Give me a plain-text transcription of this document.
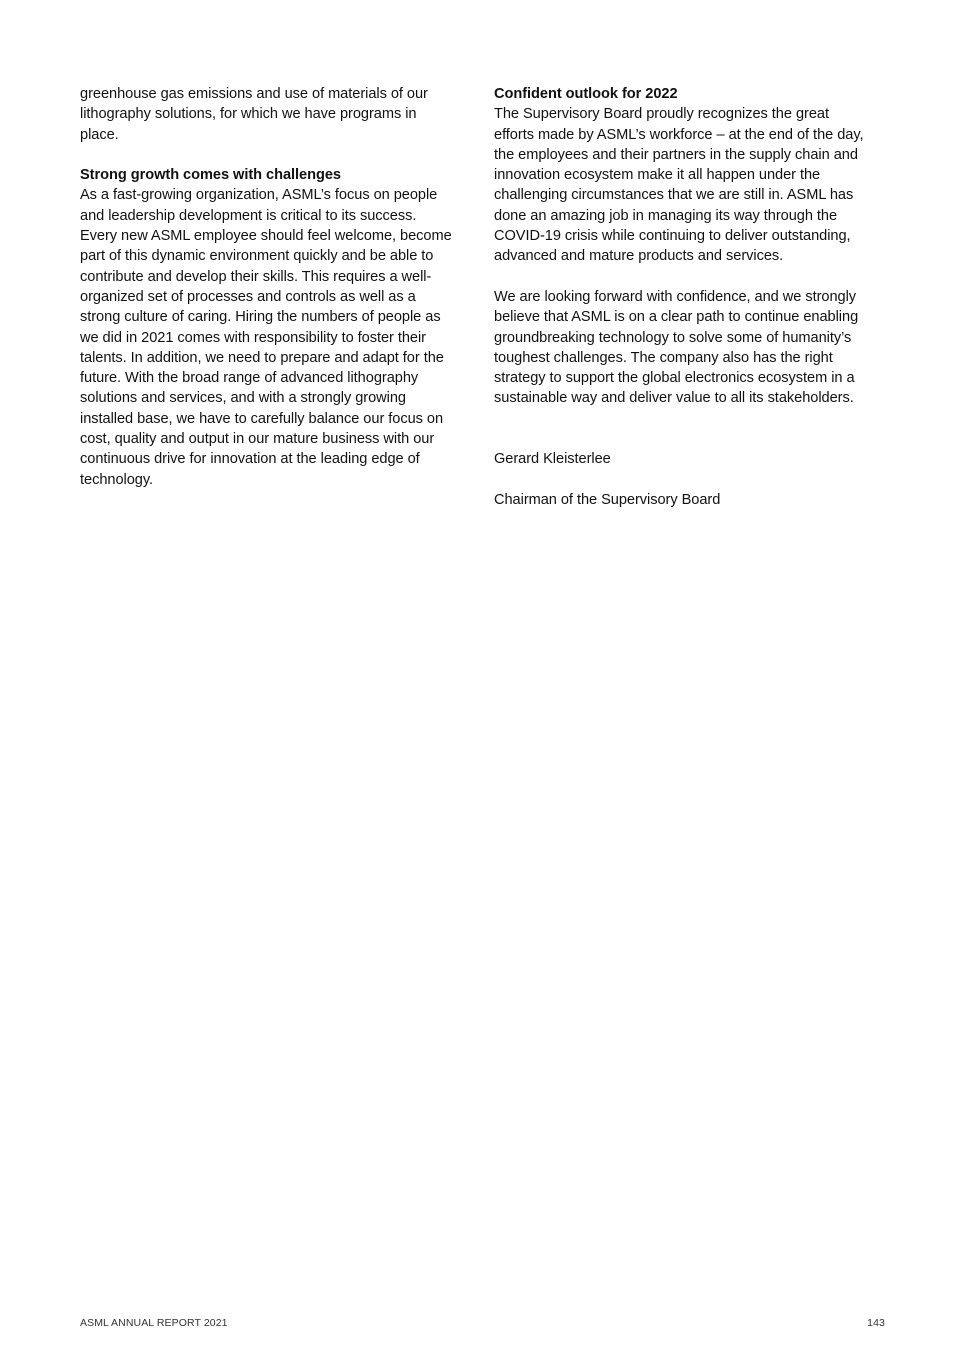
greenhouse gas emissions and use of materials of our
lithography solutions, for which we have programs in
place.

Strong growth comes with challenges

As a fast-growing organization, ASML’s focus on people
and leadership development is critical to its success.
Every new ASML employee should feel welcome, become
part of this dynamic environment quickly and be able to
contribute and develop their skills. This requires a well-
organized set of processes and controls as well as a
strong culture of caring. Hiring the numbers of people as
we did in 2021 comes with responsibility to foster their
talents. In addition, we need to prepare and adapt for the
future. With the broad range of advanced lithography
solutions and services, and with a strongly growing
installed base, we have to carefully balance our focus on
cost, quality and output in our mature business with our
continuous drive for innovation at the leading edge of
technology.

Confident outlook for 2022

The Supervisory Board proudly recognizes the great
efforts made by ASML’s workforce – at the end of the day,
the employees and their partners in the supply chain and
innovation ecosystem make it all happen under the
challenging circumstances that we are still in. ASML has
done an amazing job in managing its way through the
COVID-19 crisis while continuing to deliver outstanding,
advanced and mature products and services.

We are looking forward with confidence, and we strongly
believe that ASML is on a clear path to continue enabling
groundbreaking technology to solve some of humanity’s
toughest challenges. The company also has the right
strategy to support the global electronics ecosystem in a
sustainable way and deliver value to all its stakeholders.

Gerard Kleisterlee

Chairman of the Supervisory Board

ASML ANNUAL REPORT 2021	143
